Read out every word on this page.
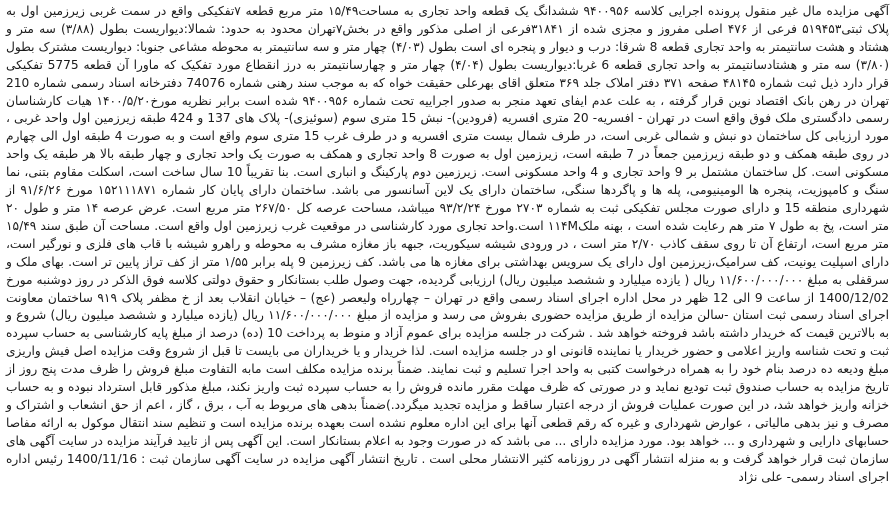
آگهی مزایده مال غیر منقول پرونده اجرایی کلاسه ۹۴۰۰۹۵۶ ششدانگ یک قطعه واحد تجاری به مساحت۱۵/۴۹ متر مربع قطعه ۷تفکیکی واقع در سمت غربی زیرزمین اول به پلاک ثبتی۵۱۹۴۵۳ فرعی از ۴۷۶ اصلی مفروز و مجزی شده از ۳۱۸۴۱فرعی از اصلی مذکور واقع در بخش۷تهران محدود به حدود: شمالا:دیواریست بطول (۳/۸۸) سه متر و هشتاد و هشت سانتیمتر به واحد تجاری قطعه 8 شرقا: درب و دیوار و پنجره ای است بطول (۴/۰۳) چهار متر و سه سانتیمتر به محوطه مشاعی جنوبا: دیواریست مشترک بطول (۳/۸۰) سه متر و هشتادسانتیمتر به واحد تجاری قطعه 6 غربا:دیواریست بطول (۴/۰۴) چهار متر و چهارسانتیمتر به درز انقطاع مورد تفکیک که ماورا آن قطعه 5775 تفکیکی قرار دارد ذیل ثبت شماره ۴۸۱۴۵ صفحه ۳۷۱ دفتر املاک جلد ۳۶۹ متعلق اقای بهرعلی حقیقت خواه که به موجب سند رهنی شماره 74076 دفترخانه اسناد رسمی شماره 210 تهران در رهن بانک اقتصاد نوین قرار گرفته ، به علت عدم ایفای تعهد منجر به صدور اجراییه تحت شماره ۹۴۰۰۹۵۶ شده است برابر نظریه مورخ۱۴۰۰/۵/۲۰ هیات کارشناسان رسمی دادگستری ملک فوق واقع است در تهران - افسریه- 20 متری افسریه (فرودین)- نبش 15 متری سوم (سوئیزی)- پلاک های 137 و 424 طبقه زیرزمین اول واحد غربی ، مورد ارزیابی کل ساختمان دو نبش و شمالی غربی است، در طرف شمال بیست متری افسریه و در طرف غرب 15 متری سوم واقع است و به صورت 4 طبقه اول الی چهارم در روی طبقه همکف و دو طبقه زیرزمین جمعاً در 7 طبقه است، زیرزمین اول به صورت 8 واحد تجاری و همکف به صورت یک واحد تجاری و چهار طبقه بالا هر طبقه یک واحد مسکونی است. کل ساختمان مشتمل بر 9 واحد تجاری و 4 واحد مسکونی است. زیرزمین دوم پارکینگ و انباری است. بنا تقریباً 10 سال ساخت است، اسکلت مقاوم بتنی، نما سنگ و کامپوزیت، پنجره ها الومینیومی، پله ها و پاگردها سنگی، ساختمان دارای یک لاین آسانسور می باشد. ساختمان دارای پایان کار شماره ۱۵۲۱۱۱۸۷۱ مورخ ۹۱/۶/۲۶ از شهرداری منطقه 15 و دارای صورت مجلس تفکیکی ثبت به شماره ۲۷۰۳ مورخ ۹۳/۲/۲۴ میباشد، مساحت عرصه کل ۲۶۷/۵۰ متر مربع است. عرض عرصه ۱۴ متر و طول ۲۰ متر است، پخ به طول ۷ متر هم رعایت شده است ، بهنه ملک۱۱۴M است.واحد تجاری مورد کارشناسی در موقعیت غرب زیرزمین اول واقع است. مساحت آن طبق سند ۱۵/۴۹ متر مربع است، ارتفاع آن تا روی سقف کاذب ۲/۷۰ متر است ، در ورودی شیشه سیکوریت، جبهه باز مغازه مشرف به محوطه و راهرو شیشه با قاب های فلزی و نورگیر است، دارای اسپلیت یونیت، کف سرامیک،زیرزمین اول دارای یک سرویس بهداشتی برای مغازه ها می باشد. کف زیرزمین 9 پله برابر ۱/۵۵ متر از کف تراز پایین تر است. بهای ملک و سرقفلی به مبلغ ۱۱/۶۰۰/۰۰۰/۰۰۰ ریال ( یازده میلیارد و ششصد میلیون ریال) ارزیابی گردیده، جهت وصول طلب بستانکار و حقوق دولتی کلاسه فوق الذکر در روز دوشنبه مورخ 1400/12/02 از ساعت 9 الی 12 ظهر در محل اداره اجرای اسناد رسمی واقع در تهران – چهارراه ولیعصر (عج) – خیابان انقلاب بعد از خ مظفر پلاک ۹۱۹ ساختمان معاونت اجرای اسناد رسمی ثبت استان -سالن مزایده از طریق مزایده حضوری بفروش می رسد و مزایده از مبلغ ۱۱/۶۰۰/۰۰۰/۰۰۰ ریال (یازده میلیارد و ششصد میلیون ریال) شروع و به بالاترین قیمت که خریدار داشته باشد فروخته خواهد شد . شرکت در جلسه مزایده برای عموم آزاد و منوط به پرداخت 10 (ده) درصد از مبلغ پایه کارشناسی به حساب سپرده ثبت و تحت شناسه واریز اعلامی و حضور خریدار یا نماینده قانونی او در جلسه مزایده است. لذا خریدار و یا خریداران می بایست تا قبل از شروع وقت مزایده اصل فیش واریزی مبلغ ودیعه ده درصد بنام خود را به همراه درخواست کتبی به واحد اجرا تسلیم و ثبت نمایند. ضمناً برنده مزایده مکلف است مابه التفاوت مبلغ فروش را ظرف مدت پنج روز از تاریخ مزایده به حساب صندوق ثبت تودیع نماید و در صورتی که ظرف مهلت مقرر مانده فروش را به حساب سپرده ثبت واریز نکند، مبلغ مذکور قابل استرداد نبوده و به حساب خزانه واریز خواهد شد، در این صورت عملیات فروش از درجه اعتبار ساقط و مزایده تجدید میگردد.)ضمناً بدهی های مربوط به آب ، برق ، گاز ، اعم از حق انشعاب و اشتراک و مصرف و نیز بدهی مالیاتی ، عوارض شهرداری و غیره که رقم قطعی آنها برای این اداره معلوم نشده است بعهده برنده مزایده است و تنظیم سند انتقال موکول به ارائه مفاصا حسابهای دارایی و شهرداری و ... خواهد بود. مورد مزایده دارای ... می باشد که در صورت وجود به اعلام بستانکار است. این آگهی پس از تایید فرآیند مزایده در سایت آگهی های سازمان ثبت قرار خواهد گرفت و به منزله انتشار آگهی در روزنامه کثیر الانتشار محلی است . تاریخ انتشار آگهی مزایده در سایت آگهی سازمان ثبت : 1400/11/16 رئیس اداره اجرای اسناد رسمی- علی نژاد
